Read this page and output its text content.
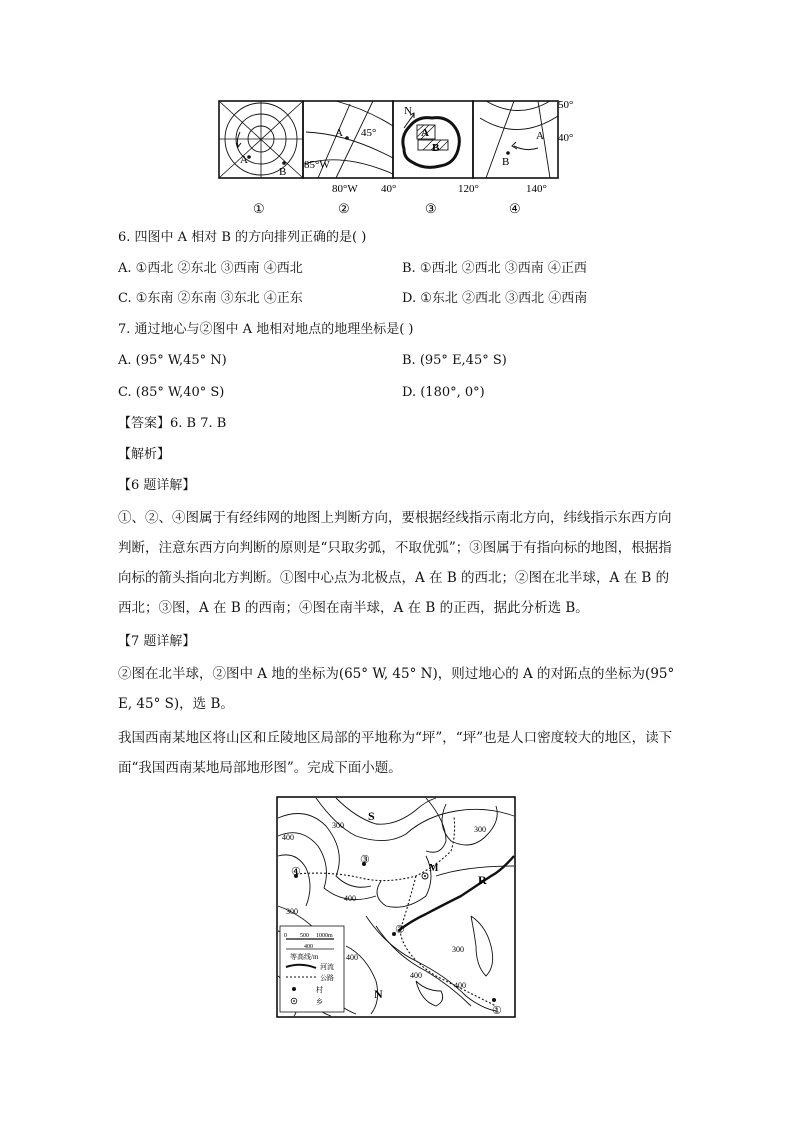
A
B
A 45°
85°W
80°W
N
A
B
A
B
50°
40°
40°	120°	140°
①	②	③	④
6. 四图中 A 相对 B 的方向排列正确的是( )
A. ①西北 ②东北 ③西南 ④西北	B. ①西北 ②西北 ③西南 ④正西
C. ①东南 ②东南 ③东北 ④正东	D. ①东北 ②西北 ③西北 ④西南
7. 通过地心与②图中 A 地相对地点的地理坐标是( )
A. (95° W,45° N)	B. (95° E,45° S)
C. (85° W,40° S)	D. (180°, 0°)
【答案】6. B 7. B
【解析】
【6 题详解】

①、②、④图属于有经纬网的地图上判断方向，要根据经线指示南北方向，纬线指示东西方向判断，注意东西方向判断的原则是“只取劣弧，不取优弧”；③图属于有指向标的地图，根据指向标的箭头指向北方判断。①图中心点为北极点，A 在 B 的西北；②图在北半球，A 在 B 的西北；③图，A 在 B 的西南；④图在南半球，A 在 B 的正西，据此分析选 B。

【7 题详解】

②图在北半球，②图中 A 地的坐标为(65° W, 45° N)，则过地心的 A 的对跖点的坐标为(95° E, 45° S)，选 B。

我国西南某地区将山区和丘陵地区局部的平地称为“坪”，“坪”也是人口密度较大的地区，读下面“我国西南某地局部地形图”。完成下面小题。

0 500 1000m
400
等高线/m
河流
公路
村
乡
S
N
R
M
①
②
③
④
400
300	300
400
300
400
300
400
400
